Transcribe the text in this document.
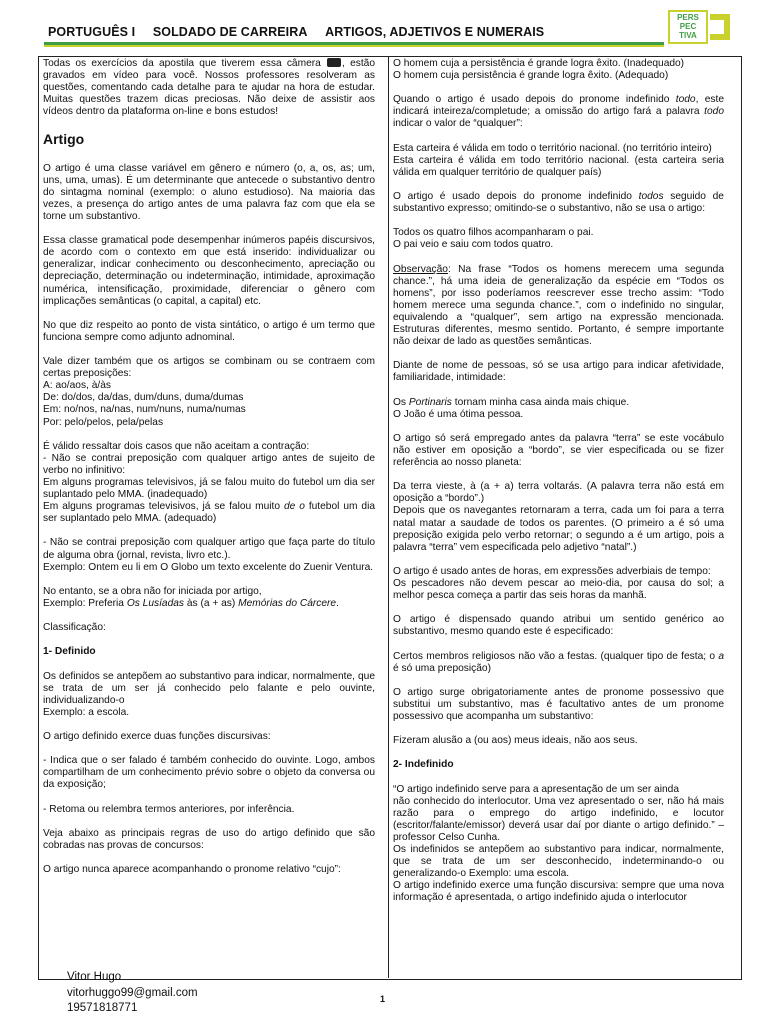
PORTUGUÊS I SOLDADO DE CARREIRA ARTIGOS, ADJETIVOS E NUMERAIS
PERS
PEC
TIVA

Todas os exercícios da apostila que tiverem essa câmera , estão gravados em vídeo para você. Nossos professores resolveram as questões, comentando cada detalhe para te ajudar na hora de estudar. Muitas questões trazem dicas preciosas. Não deixe de assistir aos vídeos dentro da plataforma on-line e bons estudos!

Artigo

O artigo é uma classe variável em gênero e número (o, a, os, as; um, uns, uma, umas). É um determinante que antecede o substantivo dentro do sintagma nominal (exemplo: o aluno estudioso). Na maioria das vezes, a presença do artigo antes de uma palavra faz com que ela se torne um substantivo.

Essa classe gramatical pode desempenhar inúmeros papéis discursivos, de acordo com o contexto em que está inserido: individualizar ou generalizar, indicar conhecimento ou desconhecimento, apreciação ou depreciação, determinação ou indeterminação, intimidade, aproximação numérica, intensificação, proximidade, diferenciar o gênero com implicações semânticas (o capital, a capital) etc.

No que diz respeito ao ponto de vista sintático, o artigo é um termo que funciona sempre como adjunto adnominal.

Vale dizer também que os artigos se combinam ou se contraem com certas preposições:

A: ao/aos, à/às

De: do/dos, da/das, dum/duns, duma/dumas

Em: no/nos, na/nas, num/nuns, numa/numas

Por: pelo/pelos, pela/pelas

É válido ressaltar dois casos que não aceitam a contração:

- Não se contrai preposição com qualquer artigo antes de sujeito de verbo no infinitivo:

Em alguns programas televisivos, já se falou muito do futebol um dia ser suplantado pelo MMA. (inadequado)

Em alguns programas televisivos, já se falou muito de o futebol um dia ser suplantado pelo MMA. (adequado)

- Não se contrai preposição com qualquer artigo que faça parte do título de alguma obra (jornal, revista, livro etc.).

Exemplo: Ontem eu li em O Globo um texto excelente do Zuenir Ventura.

No entanto, se a obra não for iniciada por artigo,

Exemplo: Preferia Os Lusíadas às (a + as) Memórias do Cárcere.

Classificação:

1- Definido

Os definidos se antepõem ao substantivo para indicar, normalmente, que se trata de um ser já conhecido pelo falante e pelo ouvinte, individualizando-o

Exemplo: a escola.

O artigo definido exerce duas funções discursivas:

- Indica que o ser falado é também conhecido do ouvinte. Logo, ambos compartilham de um conhecimento prévio sobre o objeto da conversa ou da exposição;

- Retoma ou relembra termos anteriores, por inferência.

Veja abaixo as principais regras de uso do artigo definido que são cobradas nas provas de concursos:

O artigo nunca aparece acompanhando o pronome relativo “cujo”:

O homem cuja a persistência é grande logra êxito. (Inadequado)

O homem cuja persistência é grande logra êxito. (Adequado)

Quando o artigo é usado depois do pronome indefinido todo, este indicará inteireza/completude; a omissão do artigo fará a palavra todo indicar o valor de “qualquer”:

Esta carteira é válida em todo o território nacional. (no território inteiro)

Esta carteira é válida em todo território nacional. (esta carteira seria válida em qualquer território de qualquer país)

O artigo é usado depois do pronome indefinido todos seguido de substantivo expresso; omitindo-se o substantivo, não se usa o artigo:

Todos os quatro filhos acompanharam o pai.

O pai veio e saiu com todos quatro.

Observação: Na frase “Todos os homens merecem uma segunda chance.”, há uma ideia de generalização da espécie em “Todos os homens”, por isso poderíamos reescrever esse trecho assim: “Todo homem merece uma segunda chance.”, com o indefinido no singular, equivalendo a “qualquer”, sem artigo na expressão mencionada. Estruturas diferentes, mesmo sentido. Portanto, é sempre importante não deixar de lado as questões semânticas.

Diante de nome de pessoas, só se usa artigo para indicar afetividade, familiaridade, intimidade:

Os Portinaris tornam minha casa ainda mais chique.

O João é uma ótima pessoa.

O artigo só será empregado antes da palavra “terra” se este vocábulo não estiver em oposição a “bordo”, se vier especificada ou se fizer referência ao nosso planeta:

Da terra vieste, à (a + a) terra voltarás. (A palavra terra não está em oposição a “bordo”.)

Depois que os navegantes retornaram a terra, cada um foi para a terra natal matar a saudade de todos os parentes. (O primeiro a é só uma preposição exigida pelo verbo retornar; o segundo a é um artigo, pois a palavra “terra” vem especificada pelo adjetivo “natal”.)

O artigo é usado antes de horas, em expressões adverbiais de tempo:

Os pescadores não devem pescar ao meio-dia, por causa do sol; a melhor pesca começa a partir das seis horas da manhã.

O artigo é dispensado quando atribui um sentido genérico ao substantivo, mesmo quando este é especificado:

Certos membros religiosos não vão a festas. (qualquer tipo de festa; o a é só uma preposição)

O artigo surge obrigatoriamente antes de pronome possessivo que substitui um substantivo, mas é facultativo antes de um pronome possessivo que acompanha um substantivo:

Fizeram alusão a (ou aos) meus ideais, não aos seus.

2- Indefinido

“O artigo indefinido serve para a apresentação de um ser ainda

não conhecido do interlocutor. Uma vez apresentado o ser, não há mais razão para o emprego do artigo indefinido, e locutor (escritor/falante/emissor) deverá usar daí por diante o artigo definido.” – professor Celso Cunha.

Os indefinidos se antepõem ao substantivo para indicar, normalmente, que se trata de um ser desconhecido, indeterminando-o ou generalizando-o Exemplo: uma escola.

O artigo indefinido exerce uma função discursiva: sempre que uma nova informação é apresentada, o artigo indefinido ajuda o interlocutor

Vitor Hugo
vitorhuggo99@gmail.com
19571818771
1
